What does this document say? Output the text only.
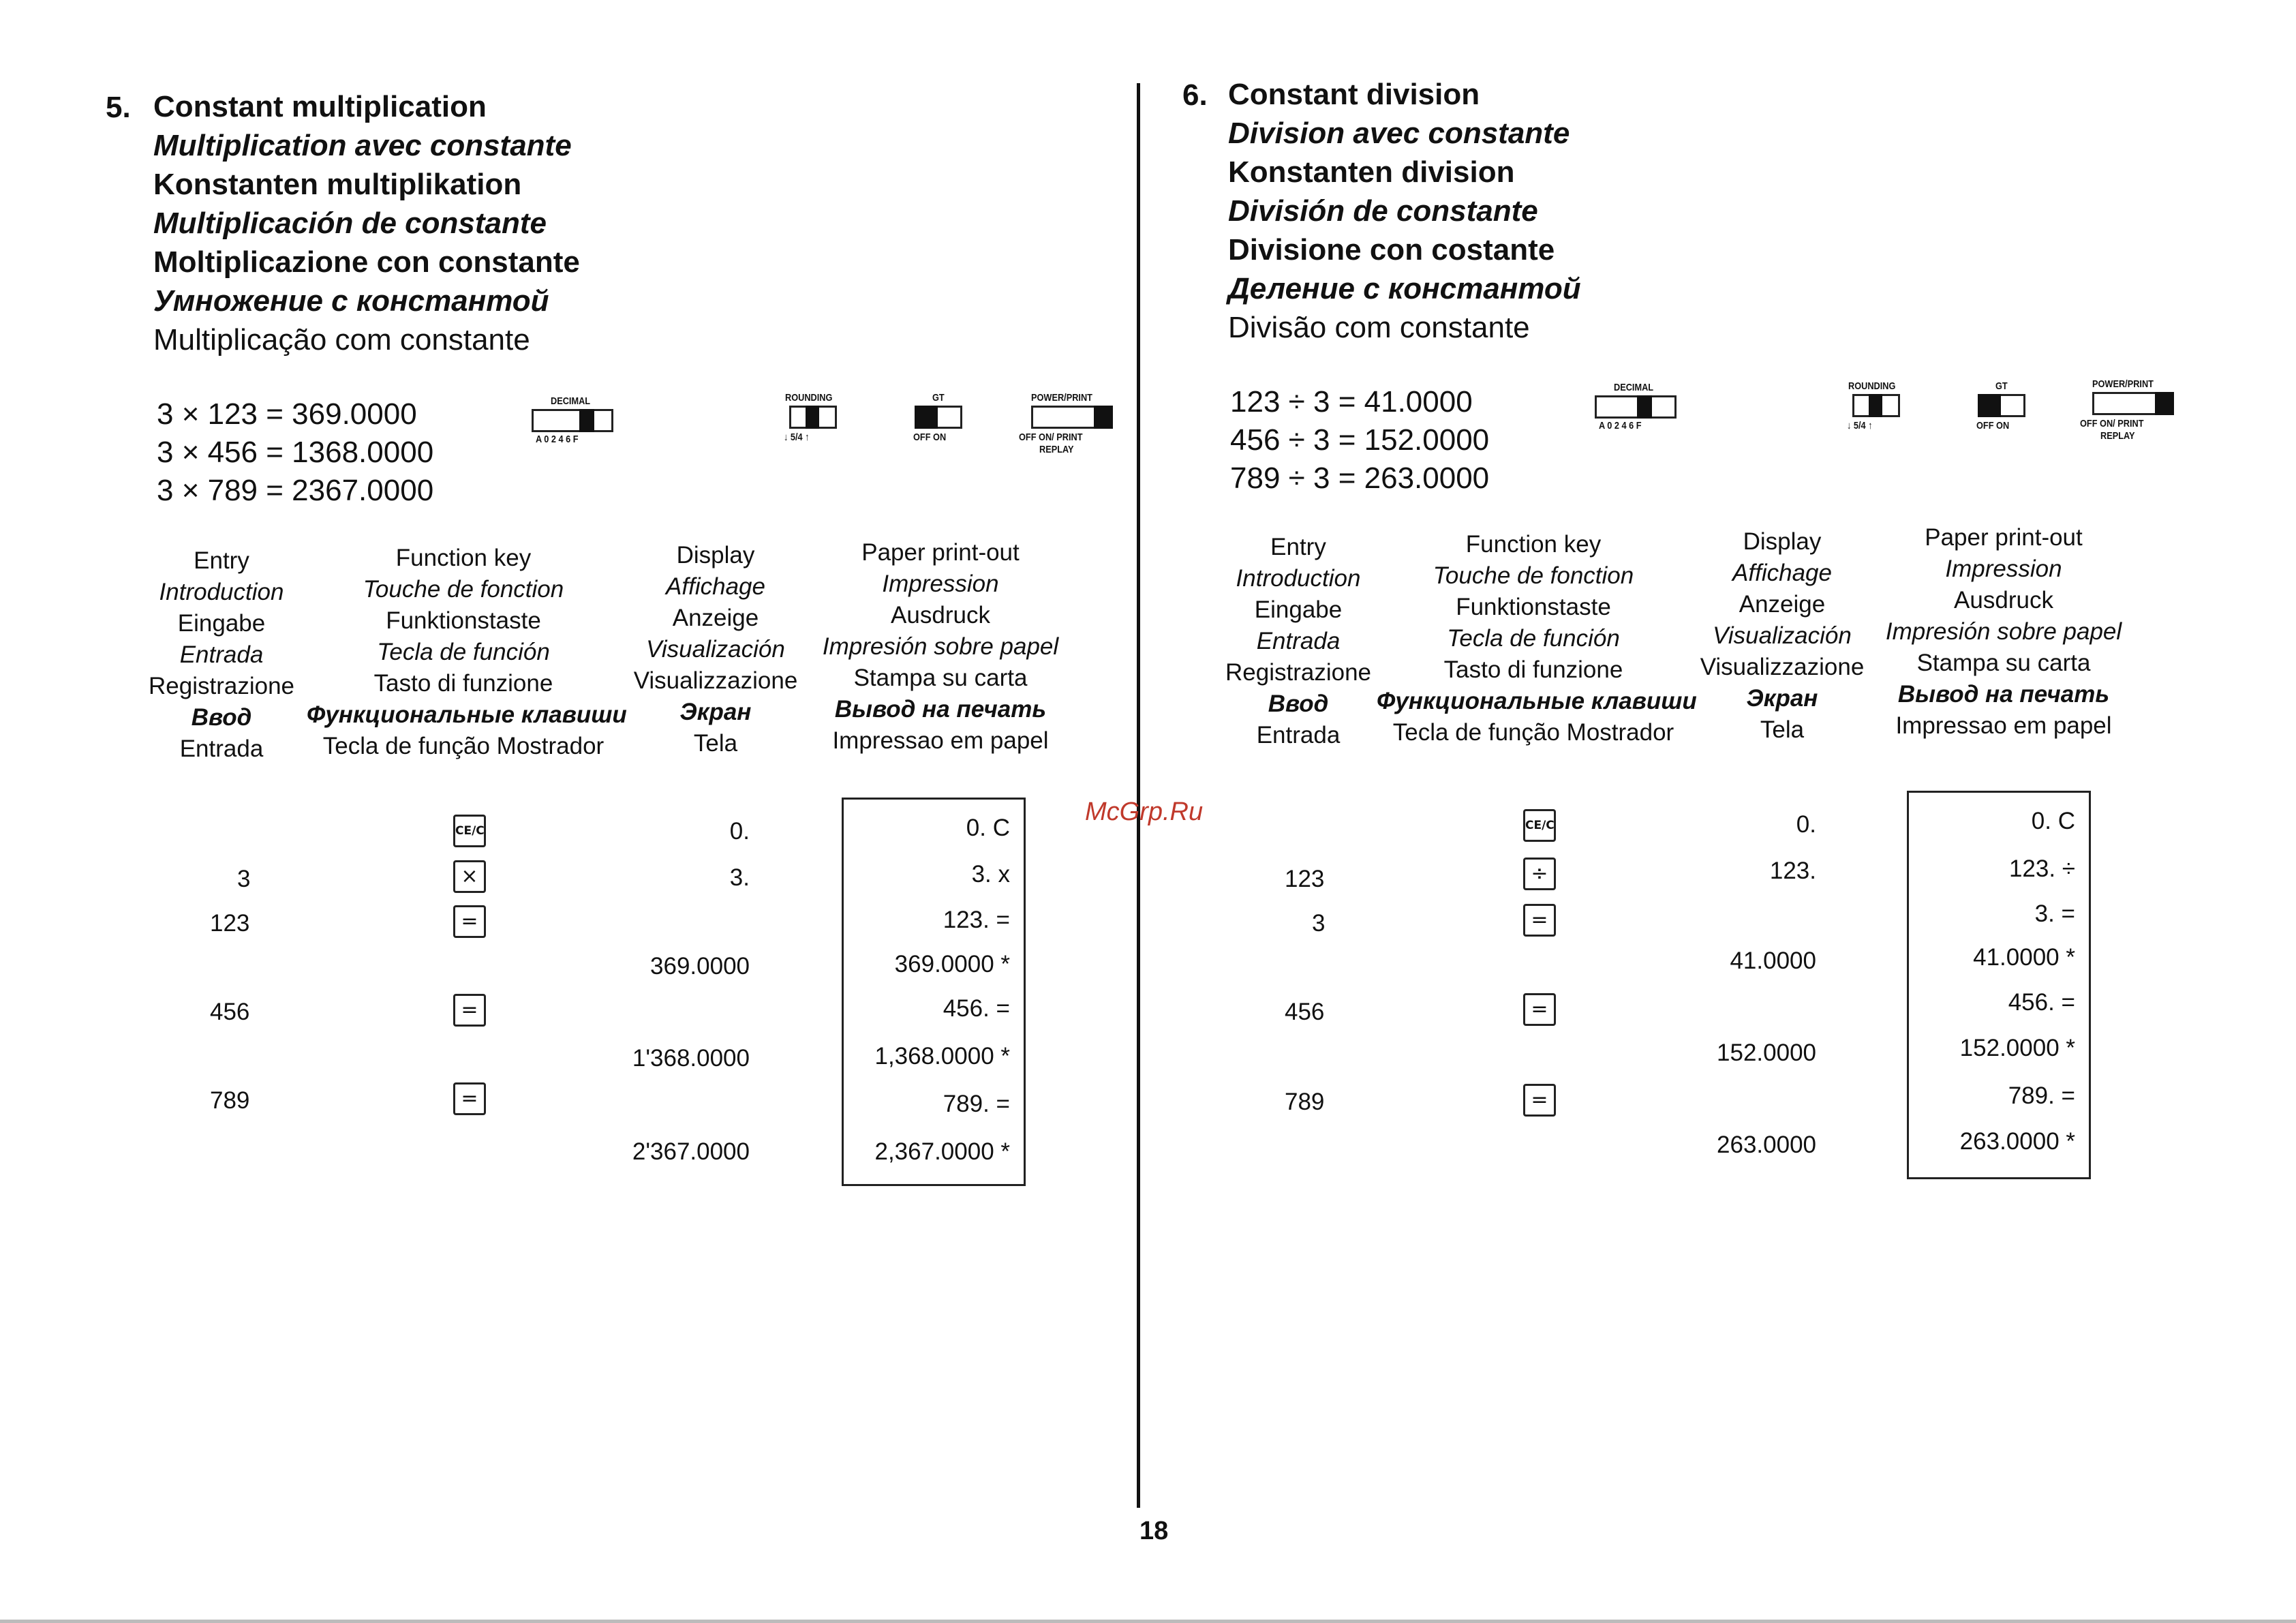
5. Constant multiplication
Multiplication avec constante
Konstanten multiplikation
Multiplicación de constante
Moltiplicazione con constante
Умножение с константой
Multiplicação com constante
3 × 123 = 369.0000
3 × 456 = 1368.0000
3 × 789 = 2367.0000
DECIMAL
A 0 2 4 6 F
ROUNDING
↓ 5/4 ↑
GT
OFF ON
POWER/PRINT
OFF ON/ PRINT
REPLAY
Entry
Introduction
Eingabe
Entrada
Registrazione
Ввод
Entrada
Function key
Touche de fonction
Funktionstaste
Tecla de función
Tasto di funzione
Функциональные клавиши
Tecla de função Mostrador
Display
Affichage
Anzeige
Visualización
Visualizzazione
Экран
Tela
Paper print-out
Impression
Ausdruck
Impresión sobre papel
Stampa su carta
Вывод на печать
Impressao em papel
3
123
456
789
CE/C
×
=
=
=
0.
3.
369.0000
1'368.0000
2'367.0000
0. C
3. x
123. =
369.0000 *
456. =
1,368.0000 *
789. =
2,367.0000 *
McGrp.Ru
18
6. Constant division
Division avec constante
Konstanten division
División de constante
Divisione con costante
Деление с константой
Divisão com constante
123 ÷ 3 = 41.0000
456 ÷ 3 = 152.0000
789 ÷ 3 = 263.0000
DECIMAL
A 0 2 4 6 F
ROUNDING
↓ 5/4 ↑
GT
OFF ON
POWER/PRINT
OFF ON/ PRINT
REPLAY
Entry
Introduction
Eingabe
Entrada
Registrazione
Ввод
Entrada
Function key
Touche de fonction
Funktionstaste
Tecla de función
Tasto di funzione
Функциональные клавиши
Tecla de função Mostrador
Display
Affichage
Anzeige
Visualización
Visualizzazione
Экран
Tela
Paper print-out
Impression
Ausdruck
Impresión sobre papel
Stampa su carta
Вывод на печать
Impressao em papel
123
3
456
789
CE/C
÷
=
=
=
0.
123.
41.0000
152.0000
263.0000
0. C
123. ÷
3. =
41.0000 *
456. =
152.0000 *
789. =
263.0000 *
